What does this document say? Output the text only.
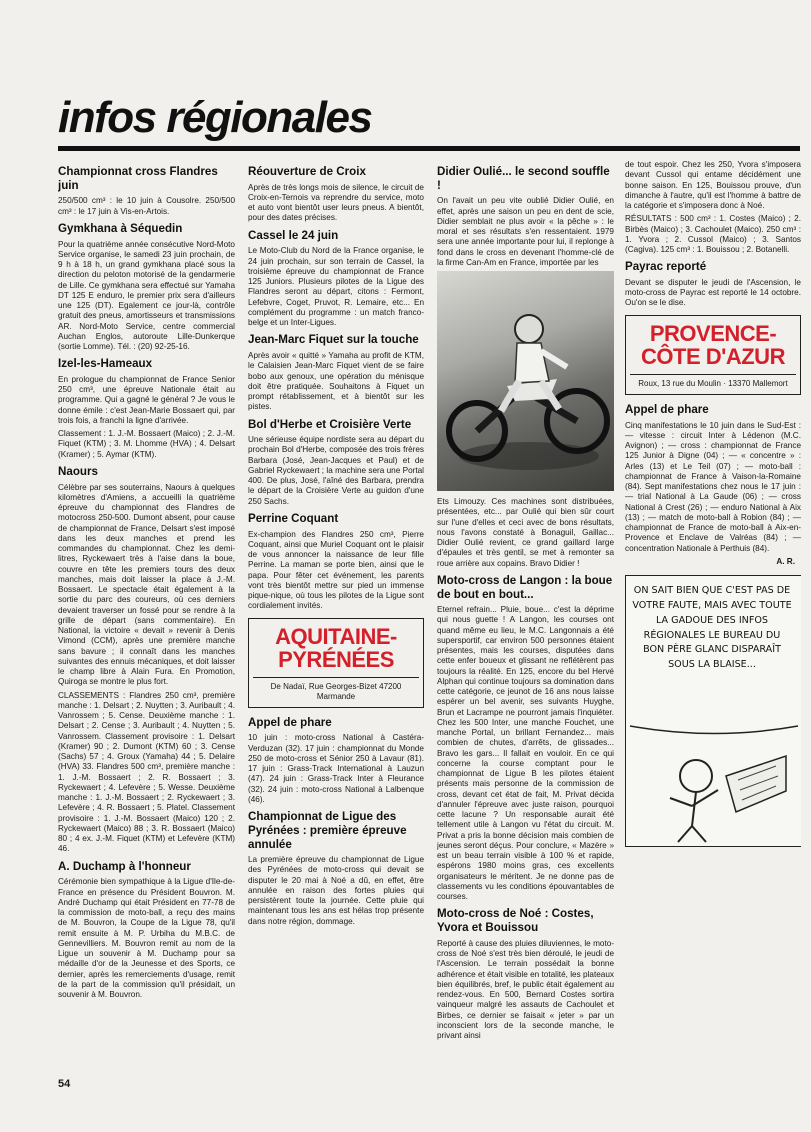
infos régionales
Championnat cross Flandres juin

250/500 cm³ : le 10 juin à Cousolre. 250/500 cm³ : le 17 juin à Vis-en-Artois.

Gymkhana à Séquedin

Pour la quatrième année consécutive Nord-Moto Service organise, le samedi 23 juin prochain, de 9 h à 18 h, un grand gymkhana placé sous la direction du peloton motorisé de la gendarmerie de Lille. Ce gymkhana sera effectué sur Yamaha DT 125 E enduro, le premier prix sera d'ailleurs une 125 (DT). Egalement ce jour-là, contrôle gratuit des pneus, amortisseurs et transmissions AR. Nord-Moto Service, centre commercial Auchan Englos, autoroute Lille-Dunkerque (sortie Lomme). Tél. : (20) 92-25-16.

Izel-les-Hameaux

En prologue du championnat de France Senior 250 cm³, une épreuve Nationale était au programme. Qui a gagné le général ? Je vous le donne émile : c'est Jean-Marie Bossaert qui, par trois fois, a franchi la ligne d'arrivée.

Classement : 1. J.-M. Bossaert (Maico) ; 2. J.-M. Fiquet (KTM) ; 3. M. Lhomme (HVA) ; 4. Delsart (Kramer) ; 5. Aymar (KTM).

Naours

Célèbre par ses souterrains, Naours à quelques kilomètres d'Amiens, a accueilli la quatrième épreuve du championnat des Flandres de motocross 250-500. Dumont absent, pour cause de championnat de France, Delsart s'est imposé dans les deux manches et prend les commandes du championnat. Chez les demi-litres, Ryckewaert très à l'aise dans la boue, couvre en tête les premiers tours des deux manches, mais doit laisser la place à J.-M. Bossaert. Le spectacle était également à la sortie du parc des coureurs, où ces derniers devaient traverser un fossé pour se rendre à la grille de départ (sans commentaire). En National, la victoire « devait » revenir à Denis Vimond (CCM), après une première manche sans bavure ; il connaît dans les manches suivantes des ennuis mécaniques, et doit laisser le champ libre à Alain Fura. En Promotion, Quiroga se montre le plus fort.

CLASSEMENTS : Flandres 250 cm³, première manche : 1. Delsart ; 2. Nuytten ; 3. Auribault ; 4. Vanrossem ; 5. Cense. Deuxième manche : 1. Delsart ; 2. Cense ; 3. Auribault ; 4. Nuytten ; 5. Vanrossem. Classement provisoire : 1. Delsart (Kramer) 90 ; 2. Dumont (KTM) 60 ; 3. Cense (Sachs) 57 ; 4. Groux (Yamaha) 44 ; 5. Delaire (HVA) 33. Flandres 500 cm³, première manche : 1. J.-M. Bossaert ; 2. R. Bossaert ; 3. Ryckewaert ; 4. Lefevère ; 5. Wesse. Deuxième manche : 1. J.-M. Bossaert ; 2. Ryckewaert ; 3. Lefevère ; 4. R. Bossaert ; 5. Platel. Classement provisoire : 1. J.-M. Bossaert (Maico) 120 ; 2. Ryckewaert (Maico) 88 ; 3. R. Bossaert (Maico) 80 ; 4 ex. J.-M. Fiquet (KTM) et Lefevère (KTM) 46.

A. Duchamp à l'honneur

Cérémonie bien sympathique à la Ligue d'Ile-de-France en présence du Président Bouvron. M. André Duchamp qui était Président en 77-78 de la commission de moto-ball, a reçu des mains de M. Bouvron, la Coupe de la Ligue 78, qu'il remit ensuite à M. P. Urbiha du M.B.C. de Gennevilliers. M. Bouvron remit au nom de la Ligue un souvenir à M. Duchamp pour sa médaille d'or de la Jeunesse et des Sports, ce dernier, après les remerciements d'usage, remit de la part de la commission qu'il présidait, un souvenir à M. Bouvron.

Réouverture de Croix

Après de très longs mois de silence, le circuit de Croix-en-Ternois va reprendre du service, moto et auto vont bientôt user leurs pneus. A bientôt, pour des dates précises.

Cassel le 24 juin

Le Moto-Club du Nord de la France organise, le 24 juin prochain, sur son terrain de Cassel, la troisième épreuve du championnat de France 125 Juniors. Plusieurs pilotes de la Ligue des Flandres seront au départ, citons : Fermont, Lefebvre, Coget, Pruvot, R. Lemaire, etc... En complément du programme : un match franco-belge et un Inter-Ligues.

Jean-Marc Fiquet sur la touche

Après avoir « quitté » Yamaha au profit de KTM, le Calaisien Jean-Marc Fiquet vient de se faire bobo aux genoux, une opération du ménisque doit être pratiquée. Souhaitons à Fiquet un prompt rétablissement, et à bientôt sur les pistes.

Bol d'Herbe et Croisière Verte

Une sérieuse équipe nordiste sera au départ du prochain Bol d'Herbe, composée des trois frères Barbara (José, Jean-Jacques et Paul) et de Gabriel Ryckewaert ; la machine sera une Portal 400. De plus, José, l'aîné des Barbara, prendra le départ de la Croisière Verte au guidon d'une 250 Sachs.

Perrine Coquant

Ex-champion des Flandres 250 cm³, Pierre Coquant, ainsi que Muriel Coquant ont le plaisir de vous annoncer la naissance de leur fille Perrine. La maman se porte bien, ainsi que le papa. Pour fêter cet événement, les parents vont très bientôt mettre sur pied un immense pique-nique, où tous les pilotes de la Ligue sont cordialement invités.

AQUITAINE-PYRÉNÉES
De Nadaï, Rue Georges-Bizet 47200 Marmande
Appel de phare

10 juin : moto-cross National à Castéra-Verduzan (32). 17 juin : championnat du Monde 250 de moto-cross et Sénior 250 à Lavaur (81). 17 juin : Grass-Track International à Lauzun (47). 24 juin : Grass-Track Inter à Fleurance (32). 24 juin : moto-cross National à Lalbenque (46).

Championnat de Ligue des Pyrénées : première épreuve annulée

La première épreuve du championnat de Ligue des Pyrénées de moto-cross qui devait se disputer le 20 mai à Noé a dû, en effet, être annulée en raison des fortes pluies qui persistèrent toute la journée. Cette pluie qui maintenant tous les ans est hélas trop présente dans notre région, dommage.

Didier Oulié... le second souffle !

On l'avait un peu vite oublié Didier Oulié, en effet, après une saison un peu en dent de scie, Didier semblait ne plus avoir « la pêche » : le moral et ses résultats s'en ressentaient. 1979 sera une année importante pour lui, il replonge à fond dans le cross en devenant l'homme-clé de la firme Can-Am en France, importée par les

Ets Limouzy. Ces machines sont distribuées, présentées, etc... par Oulié qui bien sûr court sur l'une d'elles et ceci avec de bons résultats, nous l'avons constaté à Bonaguil, Gaillac... Didier Oulié revient, ce grand gaillard large d'épaules et très gentil, se met à remonter sa roue arrière aux copains. Bravo Didier !

Moto-cross de Langon : la boue de bout en bout...

Eternel refrain... Pluie, boue... c'est la déprime qui nous guette ! A Langon, les courses ont quand même eu lieu, le M.C. Langonnais a été supersportif, car environ 500 personnes étaient présentes, mais les courses, disputées dans cette enfer boueux et glissant ne reflétèrent pas toujours la réalité. En 125, encore du bel Hervé Alphan qui continue toujours sa domination dans cette catégorie, ce jeunot de 16 ans nous laisse espérer un bel avenir, ses suivants Huyghe, Brun et Lacrampe ne pourront jamais l'inquiéter. Chez les 500 Inter, une manche Fouchet, une manche Portal, un brillant Fernandez... mais combien de chutes, d'arrêts, de glissades... Bravo les gars... Il fallait en vouloir. En ce qui concerne la course comptant pour le championnat de Ligue B les pilotes étaient présents mais personne de la commission de cross, devant cet état de fait, M. Privat décida d'annuler l'épreuve avec juste raison, pourquoi cette lacune ? Un responsable aurait été tellement utile à Langon vu l'état du circuit. M. Privat a pris la bonne décision mais combien de jeunes seront déçus. Pour conclure, « Mazère » est un beau terrain visible à 100 % et rapide, espérons 1980 moins gras, ces excellents organisateurs le méritent. Je ne donne pas de classements vu les conditions épouvantables de courses.

Moto-cross de Noé : Costes, Yvora et Bouissou

Reporté à cause des pluies diluviennes, le moto-cross de Noé s'est très bien déroulé, le jeudi de l'Ascension. Le terrain possédait la bonne adhérence et était visible en totalité, les plateaux bien équilibrés, bref, le public était également au rendez-vous. En 500, Bernard Costes sortira vainqueur malgré les assauts de Cachoulet et Birbes, ce dernier se faisait « jeter » par un inconscient lors de la seconde manche, le privant ainsi

de tout espoir. Chez les 250, Yvora s'imposera devant Cussol qui entame décidément une bonne saison. En 125, Bouissou prouve, d'un dimanche à l'autre, qu'il est l'homme à battre de la catégorie et s'imposera donc à Noé.

RÉSULTATS : 500 cm³ : 1. Costes (Maico) ; 2. Birbès (Maico) ; 3. Cachoulet (Maico). 250 cm³ : 1. Yvora ; 2. Cussol (Maico) ; 3. Santos (Cagiva). 125 cm³ : 1. Bouissou ; 2. Botanelli.

Payrac reporté

Devant se disputer le jeudi de l'Ascension, le moto-cross de Payrac est reporté le 14 octobre. Ou'on se le dise.

PROVENCE-CÔTE D'AZUR
Roux, 13 rue du Moulin · 13370 Mallemort
Appel de phare

Cinq manifestations le 10 juin dans le Sud-Est : — vitesse : circuit Inter à Lédenon (M.C. Avignon) ; — cross : championnat de France 125 Junior à Digne (04) ; — « concentre » : Arles (13) et Le Teil (07) ; — moto-ball : championnat de France à Vaison-la-Romaine (84). Sept manifestations chez nous le 17 juin : — trial National à La Gaude (06) ; — cross National à Crest (26) ; — enduro National à Aix (13) ; — match de moto-ball à Robion (84) ; — championnat de France de moto-ball à Aix-en-Provence et Enclave de Valréas (84) ; — concentration Nationale à Perthuis (84).

A. R.
ON SAIT BIEN QUE C'EST PAS DE VOTRE FAUTE, MAIS AVEC TOUTE LA GADOUE DES INFOS RÉGIONALES LE BUREAU DU BON PÈRE GLANC DISPARAÎT SOUS LA BLAISE...
54
